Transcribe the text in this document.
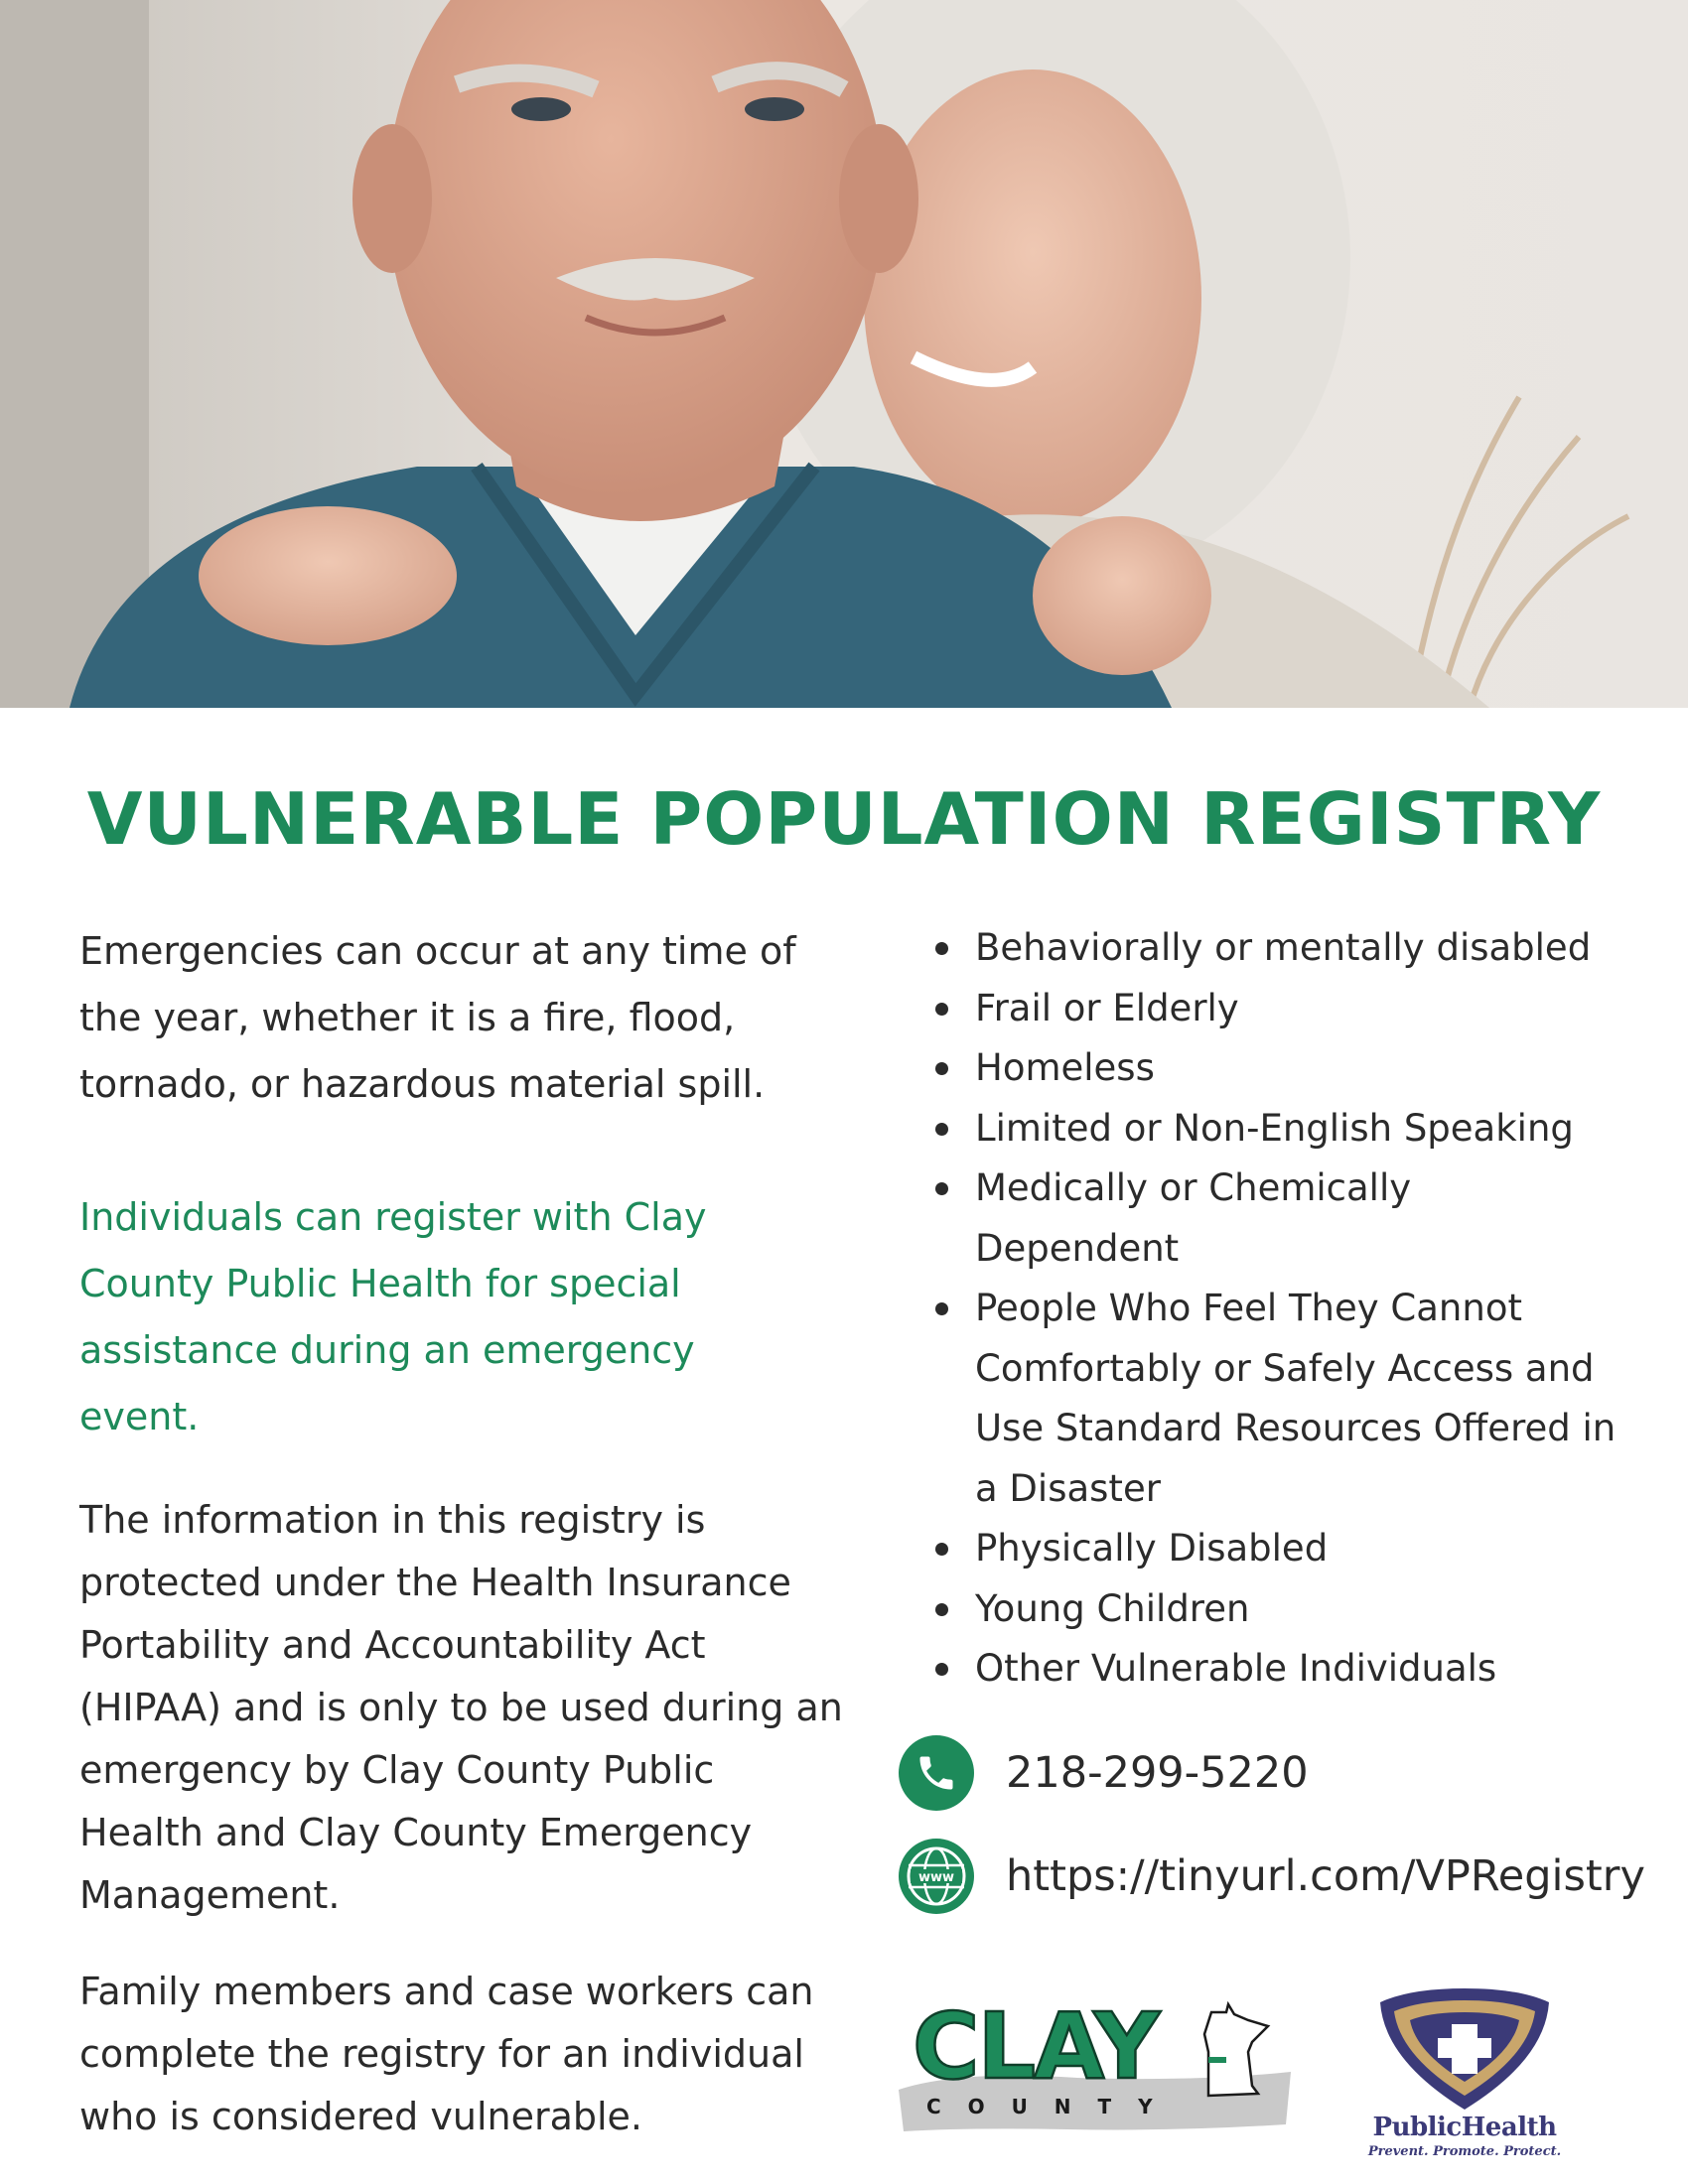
VULNERABLE POPULATION REGISTRY

Emergencies can occur at any time of the year, whether it is a fire, flood, tornado, or hazardous material spill.

Individuals can register with Clay County Public Health for special assistance during an emergency event.

The information in this registry is protected under the Health Insurance Portability and Accountability Act (HIPAA) and is only to be used during an emergency by Clay County Public Health and Clay County Emergency Management.

Family members and case workers can complete the registry for an individual who is considered vulnerable.

Behaviorally or mentally disabled
Frail or Elderly
Homeless
Limited or Non-English Speaking
Medically or Chemically Dependent
People Who Feel They Cannot Comfortably or Safely Access and Use Standard Resources Offered in a Disaster
Physically Disabled
Young Children
Other Vulnerable Individuals
218-299-5220
www https://tinyurl.com/VPRegistry
CLAY
C O U N T Y
PublicHealth
Prevent. Promote. Protect.
